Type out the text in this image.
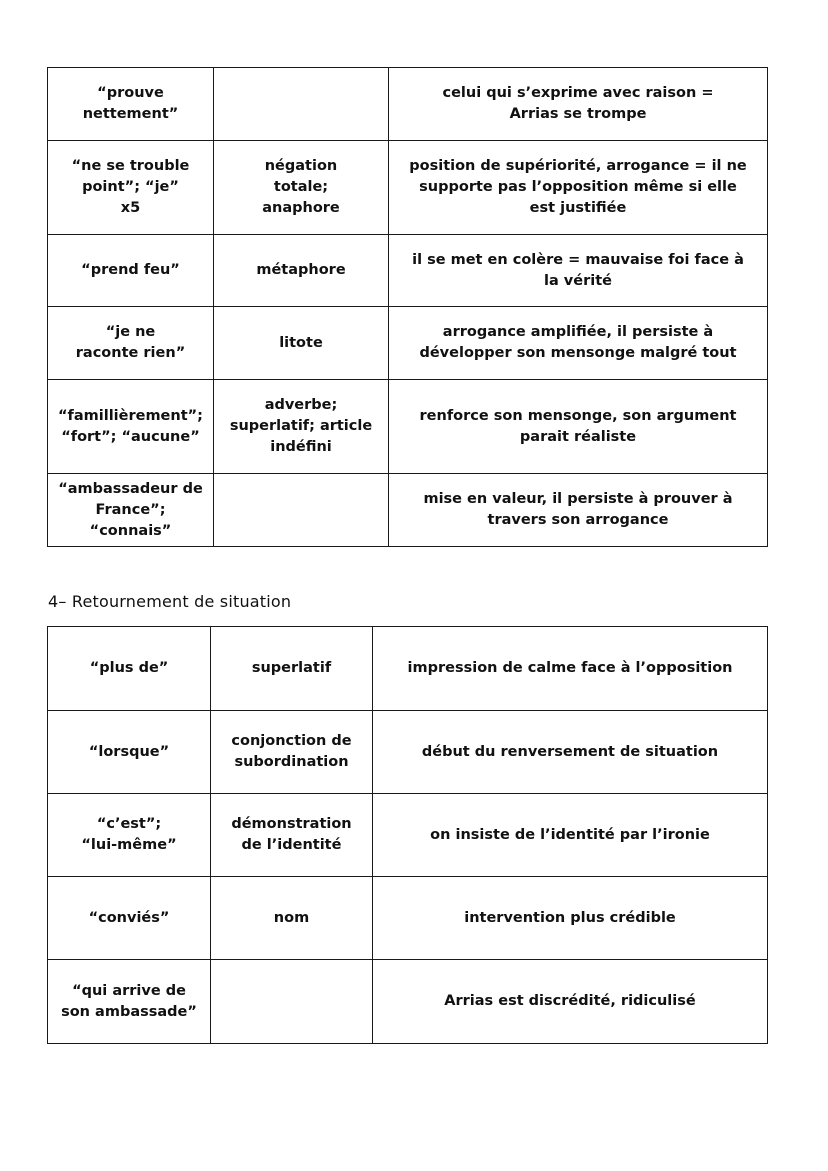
“prouve nettement”		celui qui s’exprime avec raison = Arrias se trompe
“ne se trouble point”; “je” x5	négation totale; anaphore	position de supériorité, arrogance = il ne supporte pas l’opposition même si elle est justifiée
“prend feu”	métaphore	il se met en colère = mauvaise foi face à la vérité
“je ne raconte rien”	litote	arrogance amplifiée, il persiste à développer son mensonge malgré tout
“famillièrement”; “fort”; “aucune”	adverbe; superlatif; article indéfini	renforce son mensonge, son argument parait réaliste
“ambassadeur de France”; “connais”		mise en valeur, il persiste à prouver à travers son arrogance
4– Retournement de situation
“plus de”	superlatif	impression de calme face à l’opposition
“lorsque”	conjonction de subordination	début du renversement de situation
“c’est”; “lui-même”	démonstration de l’identité	on insiste de l’identité par l’ironie
“conviés”	nom	intervention plus crédible
“qui arrive de son ambassade”		Arrias est discrédité, ridiculisé
